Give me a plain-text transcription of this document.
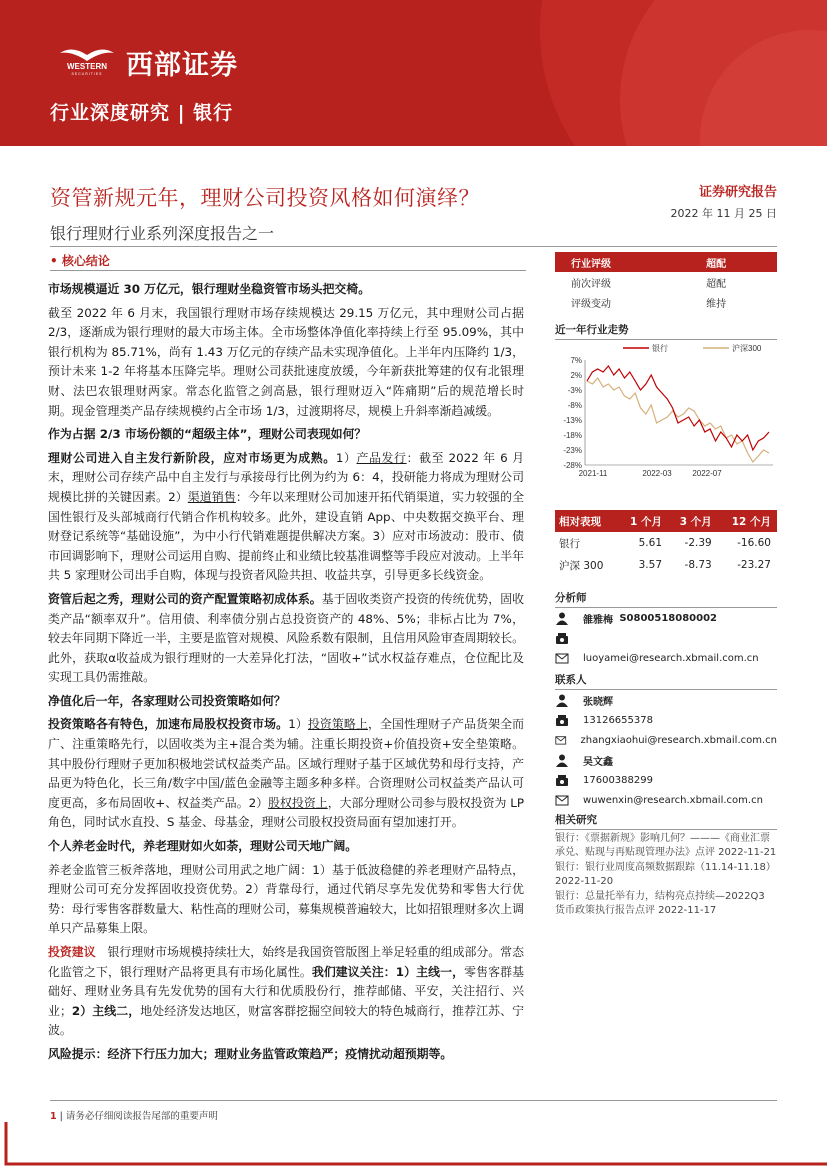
WESTERN
SECURITIES 西部证券
行业深度研究 | 银行
资管新规元年，理财公司投资风格如何演绎？
银行理财行业系列深度报告之一
证券研究报告
2022 年 11 月 25 日
• 核心结论

市场规模逼近 30 万亿元，银行理财坐稳资管市场头把交椅。

截至 2022 年 6 月末，我国银行理财市场存续规模达 29.15 万亿元，其中理财公司占据 2/3，逐渐成为银行理财的最大市场主体。全市场整体净值化率持续上行至 95.09%，其中银行机构为 85.71%，尚有 1.43 万亿元的存续产品未实现净值化。上半年内压降约 1/3，预计未来 1-2 年将基本压降完毕。理财公司获批速度放缓，今年新获批筹建的仅有北银理财、法巴农银理财两家。常态化监管之剑高悬，银行理财迈入“阵痛期”后的规范增长时期。现金管理类产品存续规模约占全市场 1/3，过渡期将尽，规模上升斜率渐趋减缓。

作为占据 2/3 市场份额的“超级主体”，理财公司表现如何？

理财公司进入自主发行新阶段，应对市场更为成熟。1）产品发行：截至 2022 年 6 月末，理财公司存续产品中自主发行与承接母行比例为约为 6：4，投研能力将成为理财公司规模比拼的关键因素。2）渠道销售：今年以来理财公司加速开拓代销渠道，实力较强的全国性银行及头部城商行代销合作机构较多。此外，建设直销 App、中央数据交换平台、理财登记系统等“基础设施”，为中小行代销难题提供解决方案。3）应对市场波动：股市、债市回调影响下，理财公司运用自购、提前终止和业绩比较基准调整等手段应对波动。上半年共 5 家理财公司出手自购，体现与投资者风险共担、收益共享，引导更多长线资金。

资管后起之秀，理财公司的资产配置策略初成体系。基于固收类资产投资的传统优势，固收类产品“额率双升”。信用债、利率债分别占总投资资产的 48%、5%；非标占比为 7%，较去年同期下降近一半，主要是监管对规模、风险系数有限制，且信用风险审查周期较长。此外，获取α收益成为银行理财的一大差异化打法，“固收+”试水权益存难点，仓位配比及实现工具仍需推敲。

净值化后一年，各家理财公司投资策略如何？

投资策略各有特色，加速布局股权投资市场。1）投资策略上，全国性理财子产品货架全而广、注重策略先行，以固收类为主+混合类为辅。注重长期投资+价值投资+安全垫策略。其中股份行理财子更加积极地尝试权益类产品。区域行理财子基于区域优势和母行支持，产品更为特色化，长三角/数字中国/蓝色金融等主题多种多样。合资理财公司权益类产品认可度更高，多布局固收+、权益类产品。2）股权投资上，大部分理财公司参与股权投资为 LP 角色，同时试水直投、S 基金、母基金，理财公司股权投资局面有望加速打开。

个人养老金时代，养老理财如火如荼，理财公司天地广阔。

养老金监管三板斧落地，理财公司用武之地广阔：1）基于低波稳健的养老理财产品特点，理财公司可充分发挥固收投资优势。2）背靠母行，通过代销尽享先发优势和零售大行优势：母行零售客群数量大、粘性高的理财公司，募集规模普遍较大，比如招银理财多次上调单只产品募集上限。

投资建议　 银行理财市场规模持续壮大，始终是我国资管版图上举足轻重的组成部分。常态化监管之下，银行理财产品将更具有市场化属性。我们建议关注：1）主线一，零售客群基础好、理财业务具有先发优势的国有大行和优质股份行，推荐邮储、平安，关注招行、兴业；2）主线二，地处经济发达地区，财富客群挖掘空间较大的特色城商行，推荐江苏、宁波。

风险提示：经济下行压力加大；理财业务监管政策趋严；疫情扰动超预期等。

行业评级	超配
前次评级	超配
评级变动	维持
近一年行业走势
7%
2%
-3%
-8%
-13%
-18%
-23%
-28%
2021-11	2022-03	2022-07
银行	沪深300
相对表现	1 个月	3 个月	12 个月
银行	5.61	-2.39	-16.60
沪深 300	3.57	-8.73	-23.27
分析师
雒雅梅
S0800518080002
luoyamei@research.xbmail.com.cn
联系人
张晓辉
13126655378
zhangxiaohui@research.xbmail.com.cn
吴文鑫
17600388299
wuwenxin@research.xbmail.com.cn
相关研究

银行：《票据新规》影响几何？———《商业汇票承兑、贴现与再贴现管理办法》点评 2022-11-21

银行：银行业周度高频数据跟踪（11.14-11.18） 2022-11-20

银行：总量托举有力，结构亮点持续—2022Q3 货币政策执行报告点评 2022-11-17

1 | 请务必仔细阅读报告尾部的重要声明
